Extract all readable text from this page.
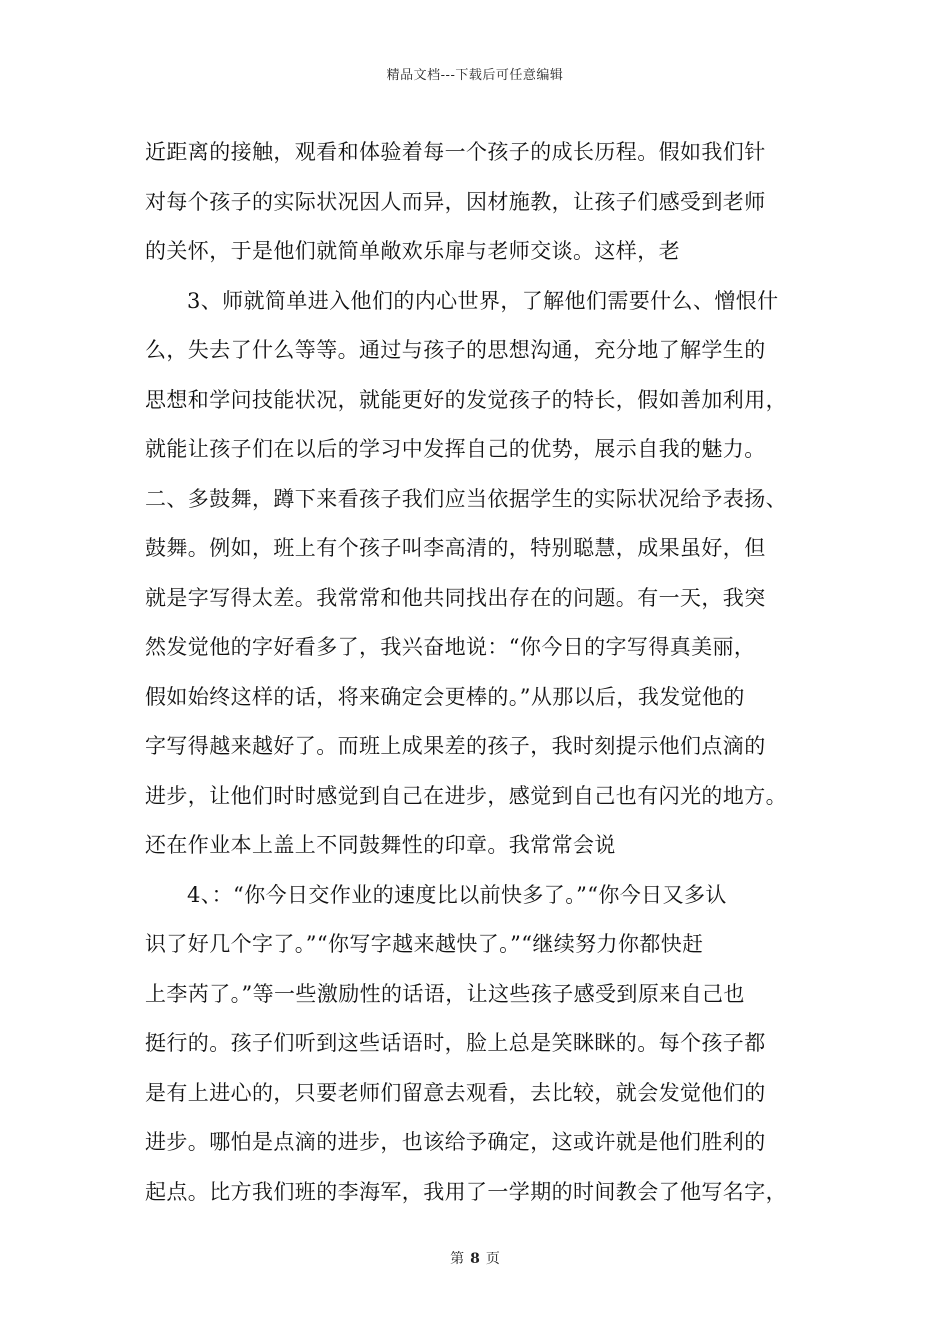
精品文档---下载后可任意编辑
近距离的接触，观看和体验着每一个孩子的成长历程。假如我们针
对每个孩子的实际状况因人而异，因材施教，让孩子们感受到老师
的关怀，于是他们就简单敞欢乐扉与老师交谈。这样，老
3、师就简单进入他们的内心世界，了解他们需要什么、憎恨什
么，失去了什么等等。通过与孩子的思想沟通，充分地了解学生的
思想和学问技能状况，就能更好的发觉孩子的特长，假如善加利用，
就能让孩子们在以后的学习中发挥自己的优势，展示自我的魅力。
二、多鼓舞，蹲下来看孩子我们应当依据学生的实际状况给予表扬、
鼓舞。例如，班上有个孩子叫李高清的，特别聪慧，成果虽好，但
就是字写得太差。我常常和他共同找出存在的问题。有一天，我突
然发觉他的字好看多了，我兴奋地说：“你今日的字写得真美丽，
假如始终这样的话，将来确定会更棒的。”从那以后，我发觉他的
字写得越来越好了。而班上成果差的孩子，我时刻提示他们点滴的
进步，让他们时时感觉到自己在进步，感觉到自己也有闪光的地方。
还在作业本上盖上不同鼓舞性的印章。我常常会说
4、：“你今日交作业的速度比以前快多了。”“你今日又多认
识了好几个字了。”“你写字越来越快了。”“继续努力你都快赶
上李芮了。”等一些激励性的话语，让这些孩子感受到原来自己也
挺行的。孩子们听到这些话语时，脸上总是笑眯眯的。每个孩子都
是有上进心的，只要老师们留意去观看，去比较，就会发觉他们的
进步。哪怕是点滴的进步，也该给予确定，这或许就是他们胜利的
起点。比方我们班的李海军，我用了一学期的时间教会了他写名字，
第 8 页
